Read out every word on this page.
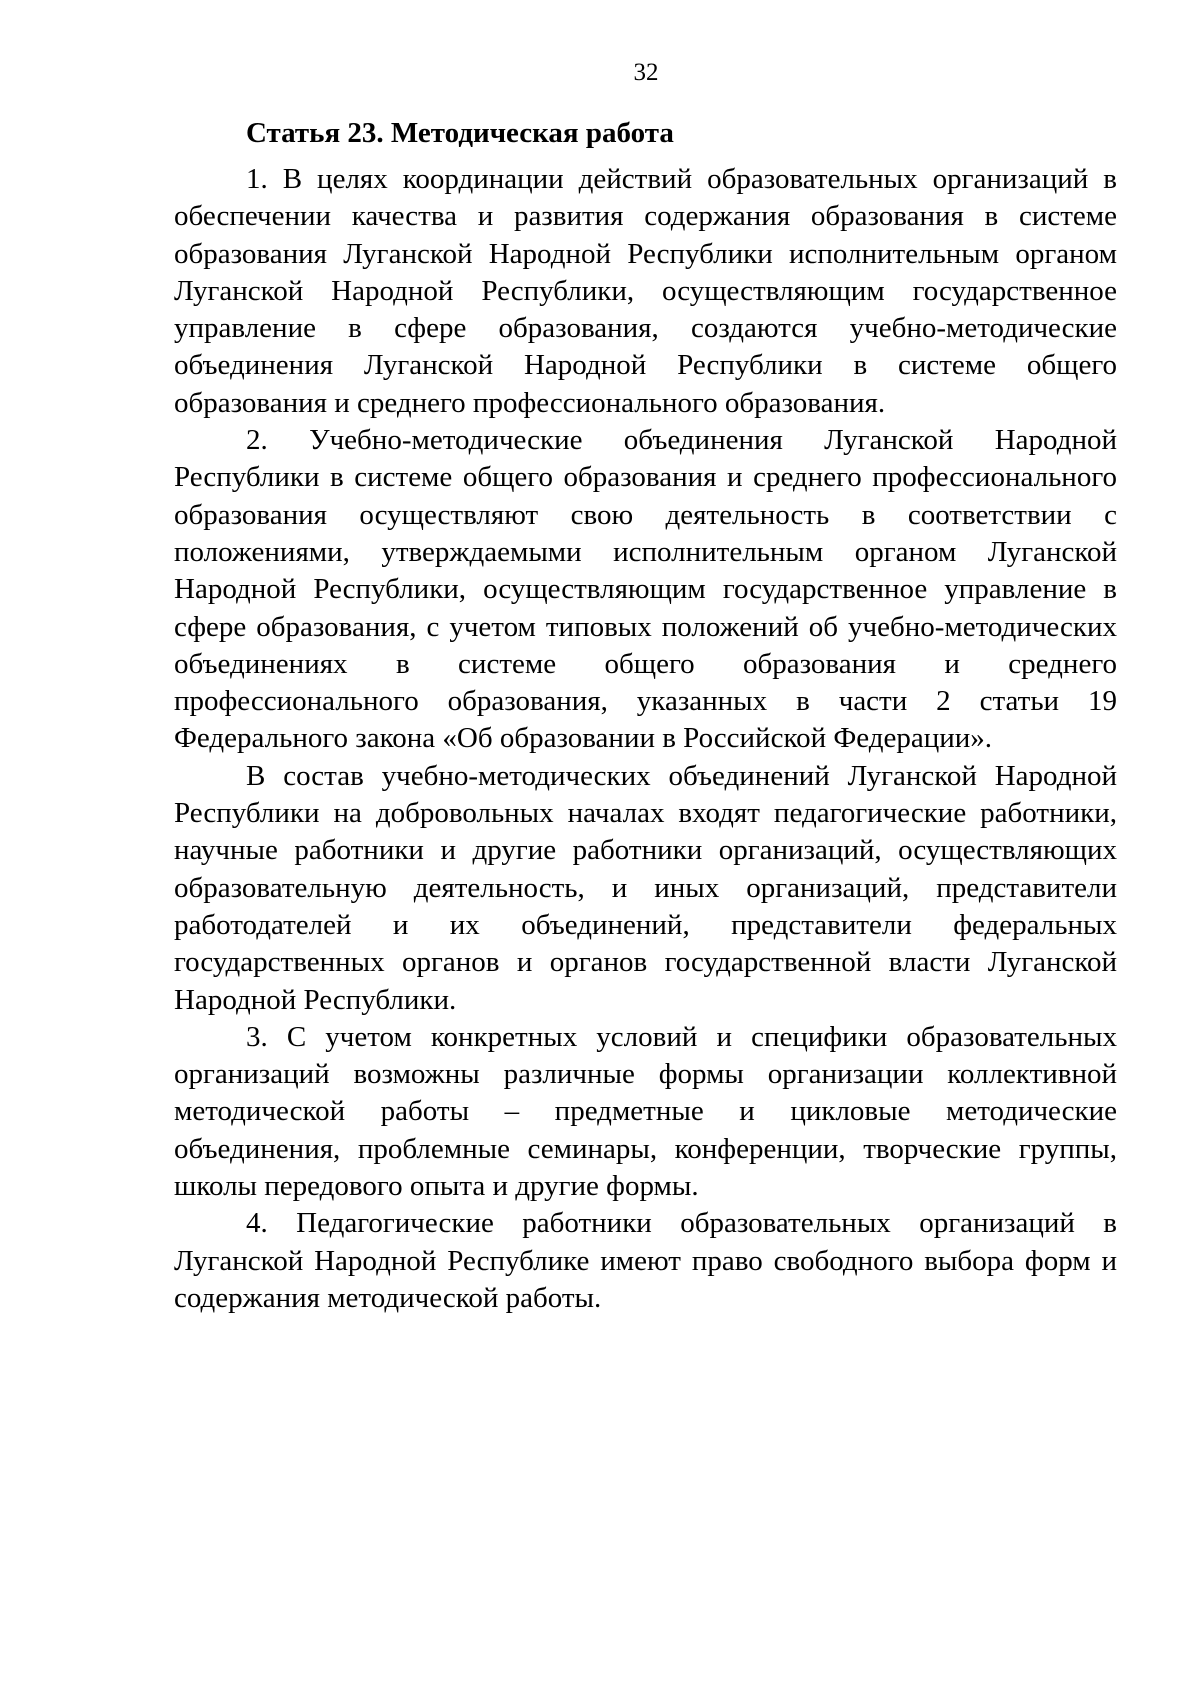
32
Статья 23. Методическая работа

1. В целях координации действий образовательных организаций в обеспечении качества и развития содержания образования в системе образования Луганской Народной Республики исполнительным органом Луганской Народной Республики, осуществляющим государственное управление в сфере образования, создаются учебно-методические объединения Луганской Народной Республики в системе общего образования и среднего профессионального образования.

2. Учебно-методические объединения Луганской Народной Республики в системе общего образования и среднего профессионального образования осуществляют свою деятельность в соответствии с положениями, утверждаемыми исполнительным органом Луганской Народной Республики, осуществляющим государственное управление в сфере образования, с учетом типовых положений об учебно-методических объединениях в системе общего образования и среднего профессионального образования, указанных в части 2 статьи 19 Федерального закона «Об образовании в Российской Федерации».

В состав учебно-методических объединений Луганской Народной Республики на добровольных началах входят педагогические работники, научные работники и другие работники организаций, осуществляющих образовательную деятельность, и иных организаций, представители работодателей и их объединений, представители федеральных государственных органов и органов государственной власти Луганской Народной Республики.

3. С учетом конкретных условий и специфики образовательных организаций возможны различные формы организации коллективной методической работы – предметные и цикловые методические объединения, проблемные семинары, конференции, творческие группы, школы передового опыта и другие формы.

4. Педагогические работники образовательных организаций в Луганской Народной Республике имеют право свободного выбора форм и содержания методической работы.
